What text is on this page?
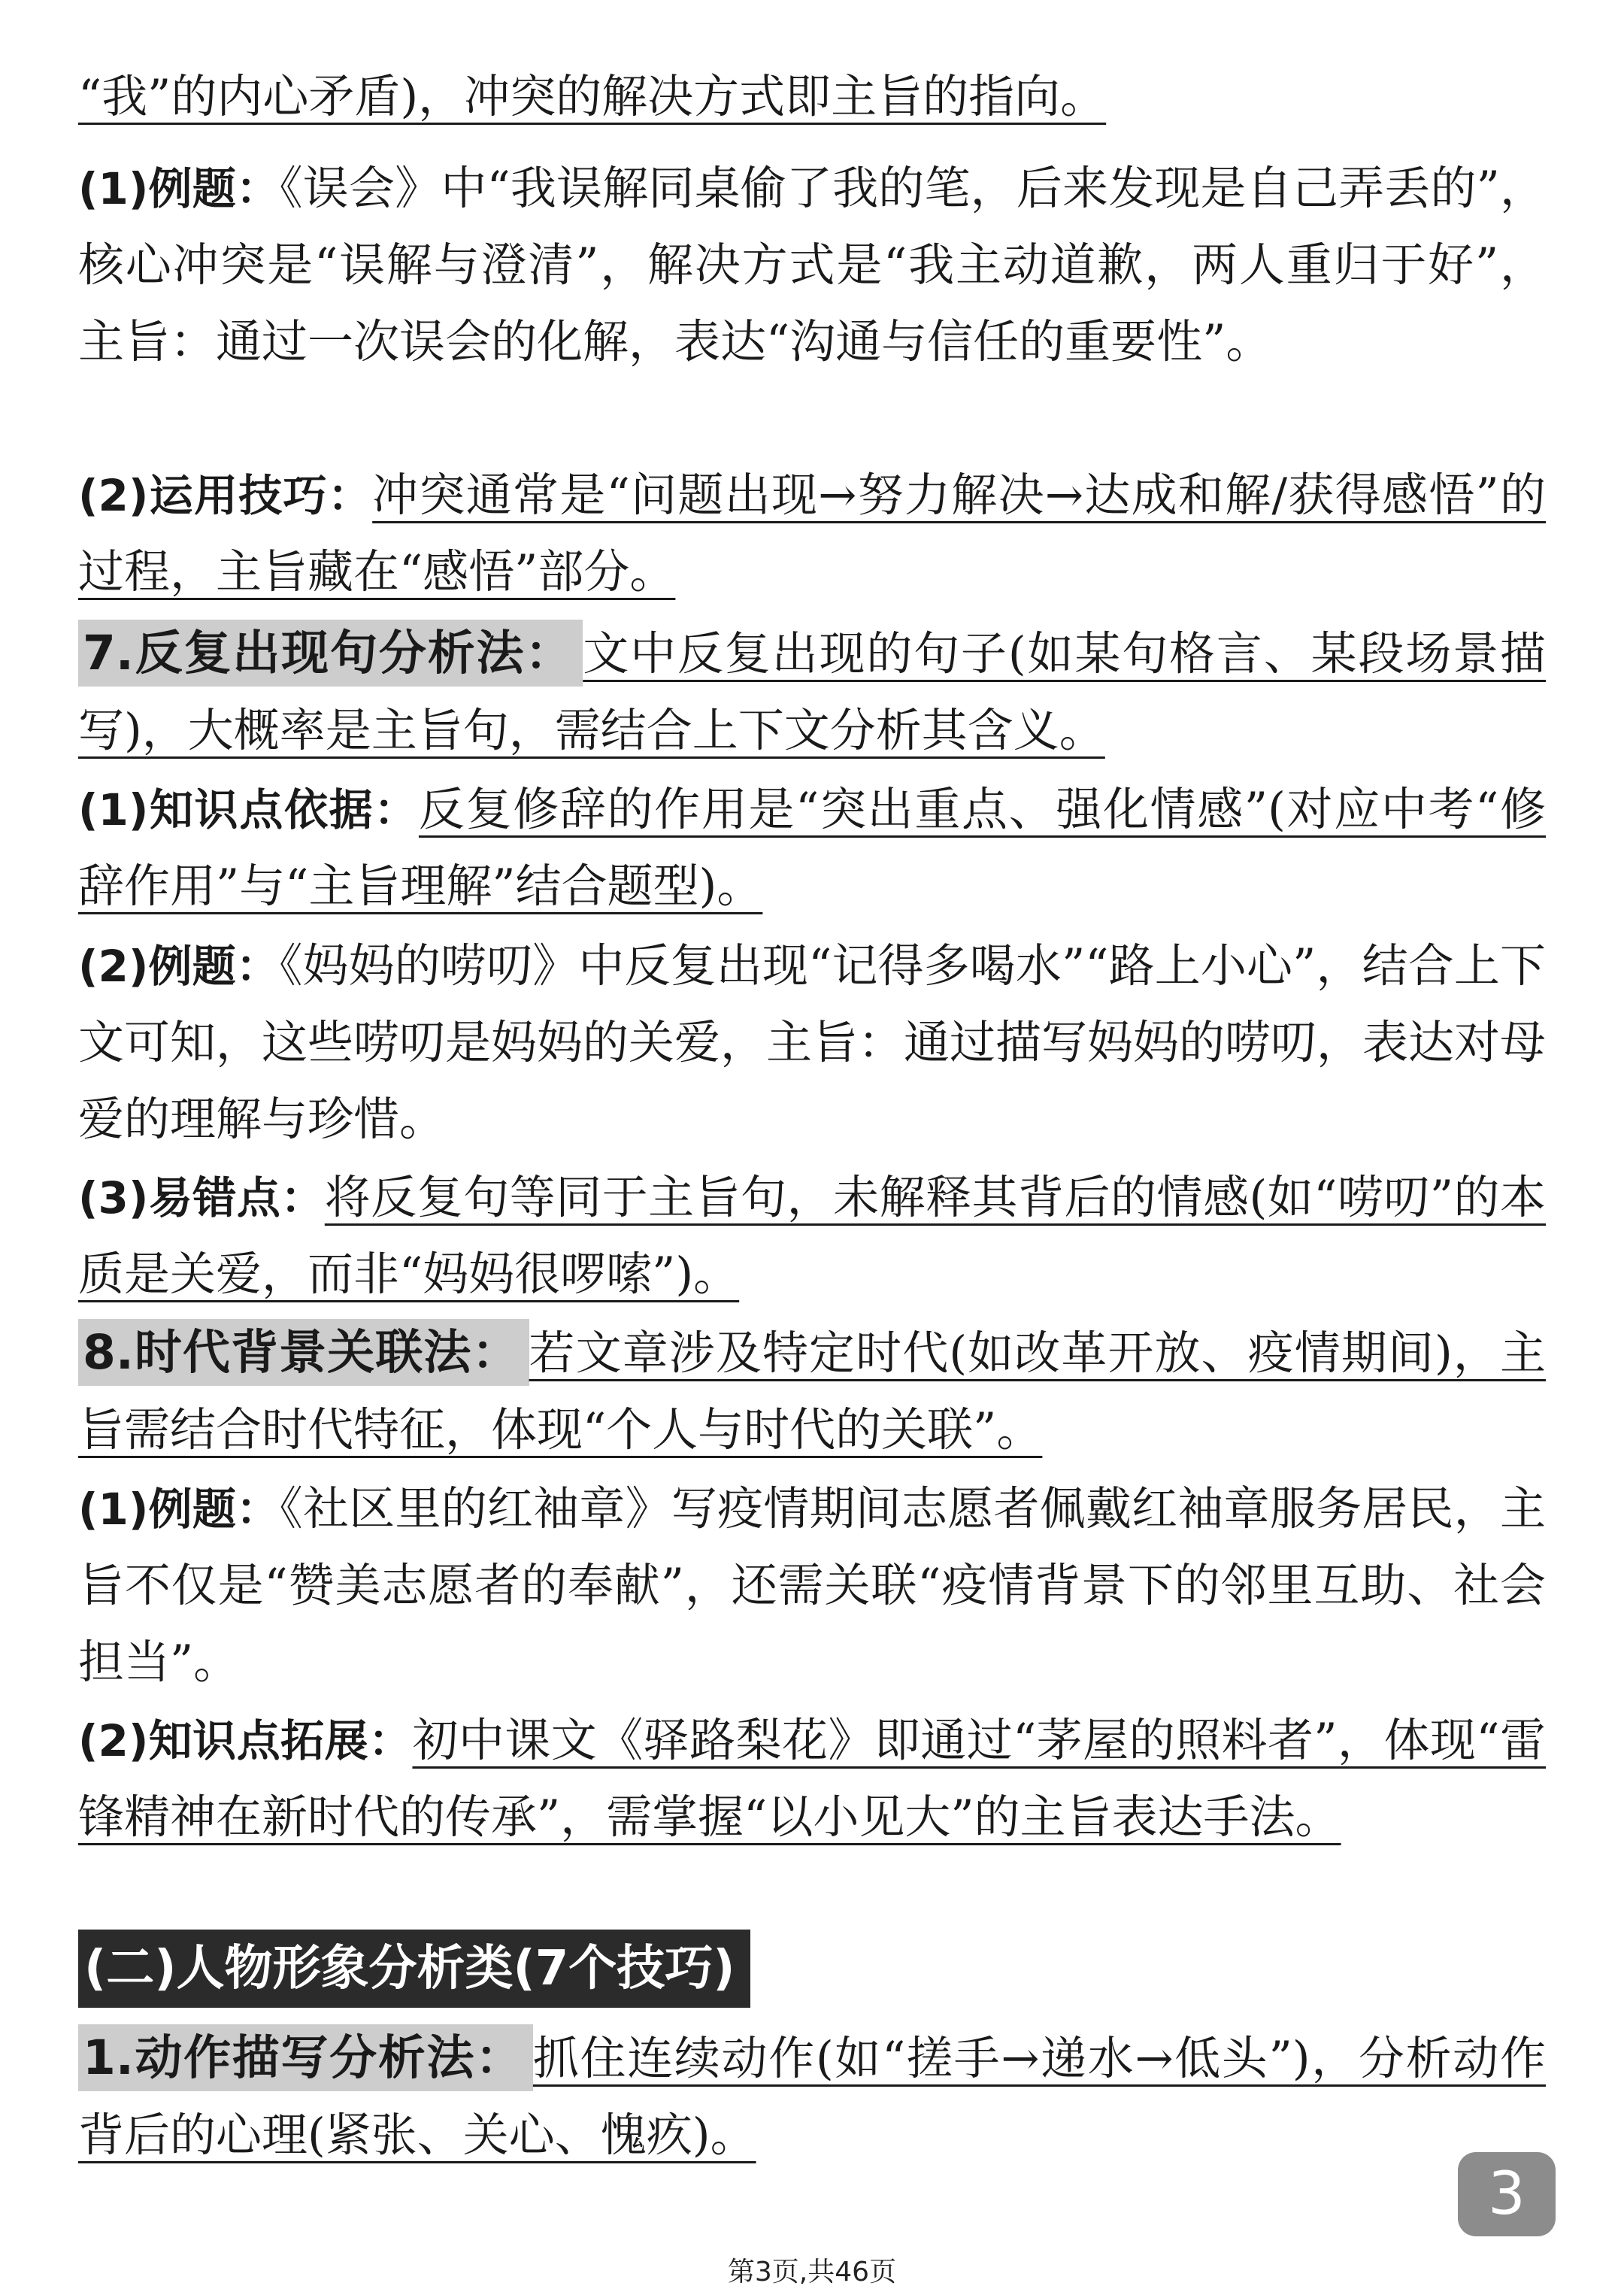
“我”的内心矛盾)，冲突的解决方式即主旨的指向。
(1)例题：《误会》中“我误解同桌偷了我的笔，后来发现是自己弄丢的”，核心冲突是“误解与澄清”，解决方式是“我主动道歉，两人重归于好”，主旨：通过一次误会的化解，表达“沟通与信任的重要性”。
(2)运用技巧：冲突通常是“问题出现→努力解决→达成和解/获得感悟”的过程，主旨藏在“感悟”部分。
7.反复出现句分析法： 文中反复出现的句子(如某句格言、某段场景描写)，大概率是主旨句，需结合上下文分析其含义。
(1)知识点依据：反复修辞的作用是“突出重点、强化情感”(对应中考“修辞作用”与“主旨理解”结合题型)。
(2)例题：《妈妈的唠叨》中反复出现“记得多喝水”“路上小心”，结合上下文可知，这些唠叨是妈妈的关爱，主旨：通过描写妈妈的唠叨，表达对母爱的理解与珍惜。
(3)易错点：将反复句等同于主旨句，未解释其背后的情感(如“唠叨”的本质是关爱，而非“妈妈很啰嗦”)。
8.时代背景关联法： 若文章涉及特定时代(如改革开放、疫情期间)，主旨需结合时代特征，体现“个人与时代的关联”。
(1)例题：《社区里的红袖章》写疫情期间志愿者佩戴红袖章服务居民，主旨不仅是“赞美志愿者的奉献”，还需关联“疫情背景下的邻里互助、社会担当”。
(2)知识点拓展：初中课文《驿路梨花》即通过“茅屋的照料者”，体现“雷锋精神在新时代的传承”，需掌握“以小见大”的主旨表达手法。
1.动作描写分析法： 抓住连续动作(如“搓手→递水→低头”)，分析动作背后的心理(紧张、关心、愧疚)。
(二)人物形象分析类(7个技巧)
3
第3页,共46页
